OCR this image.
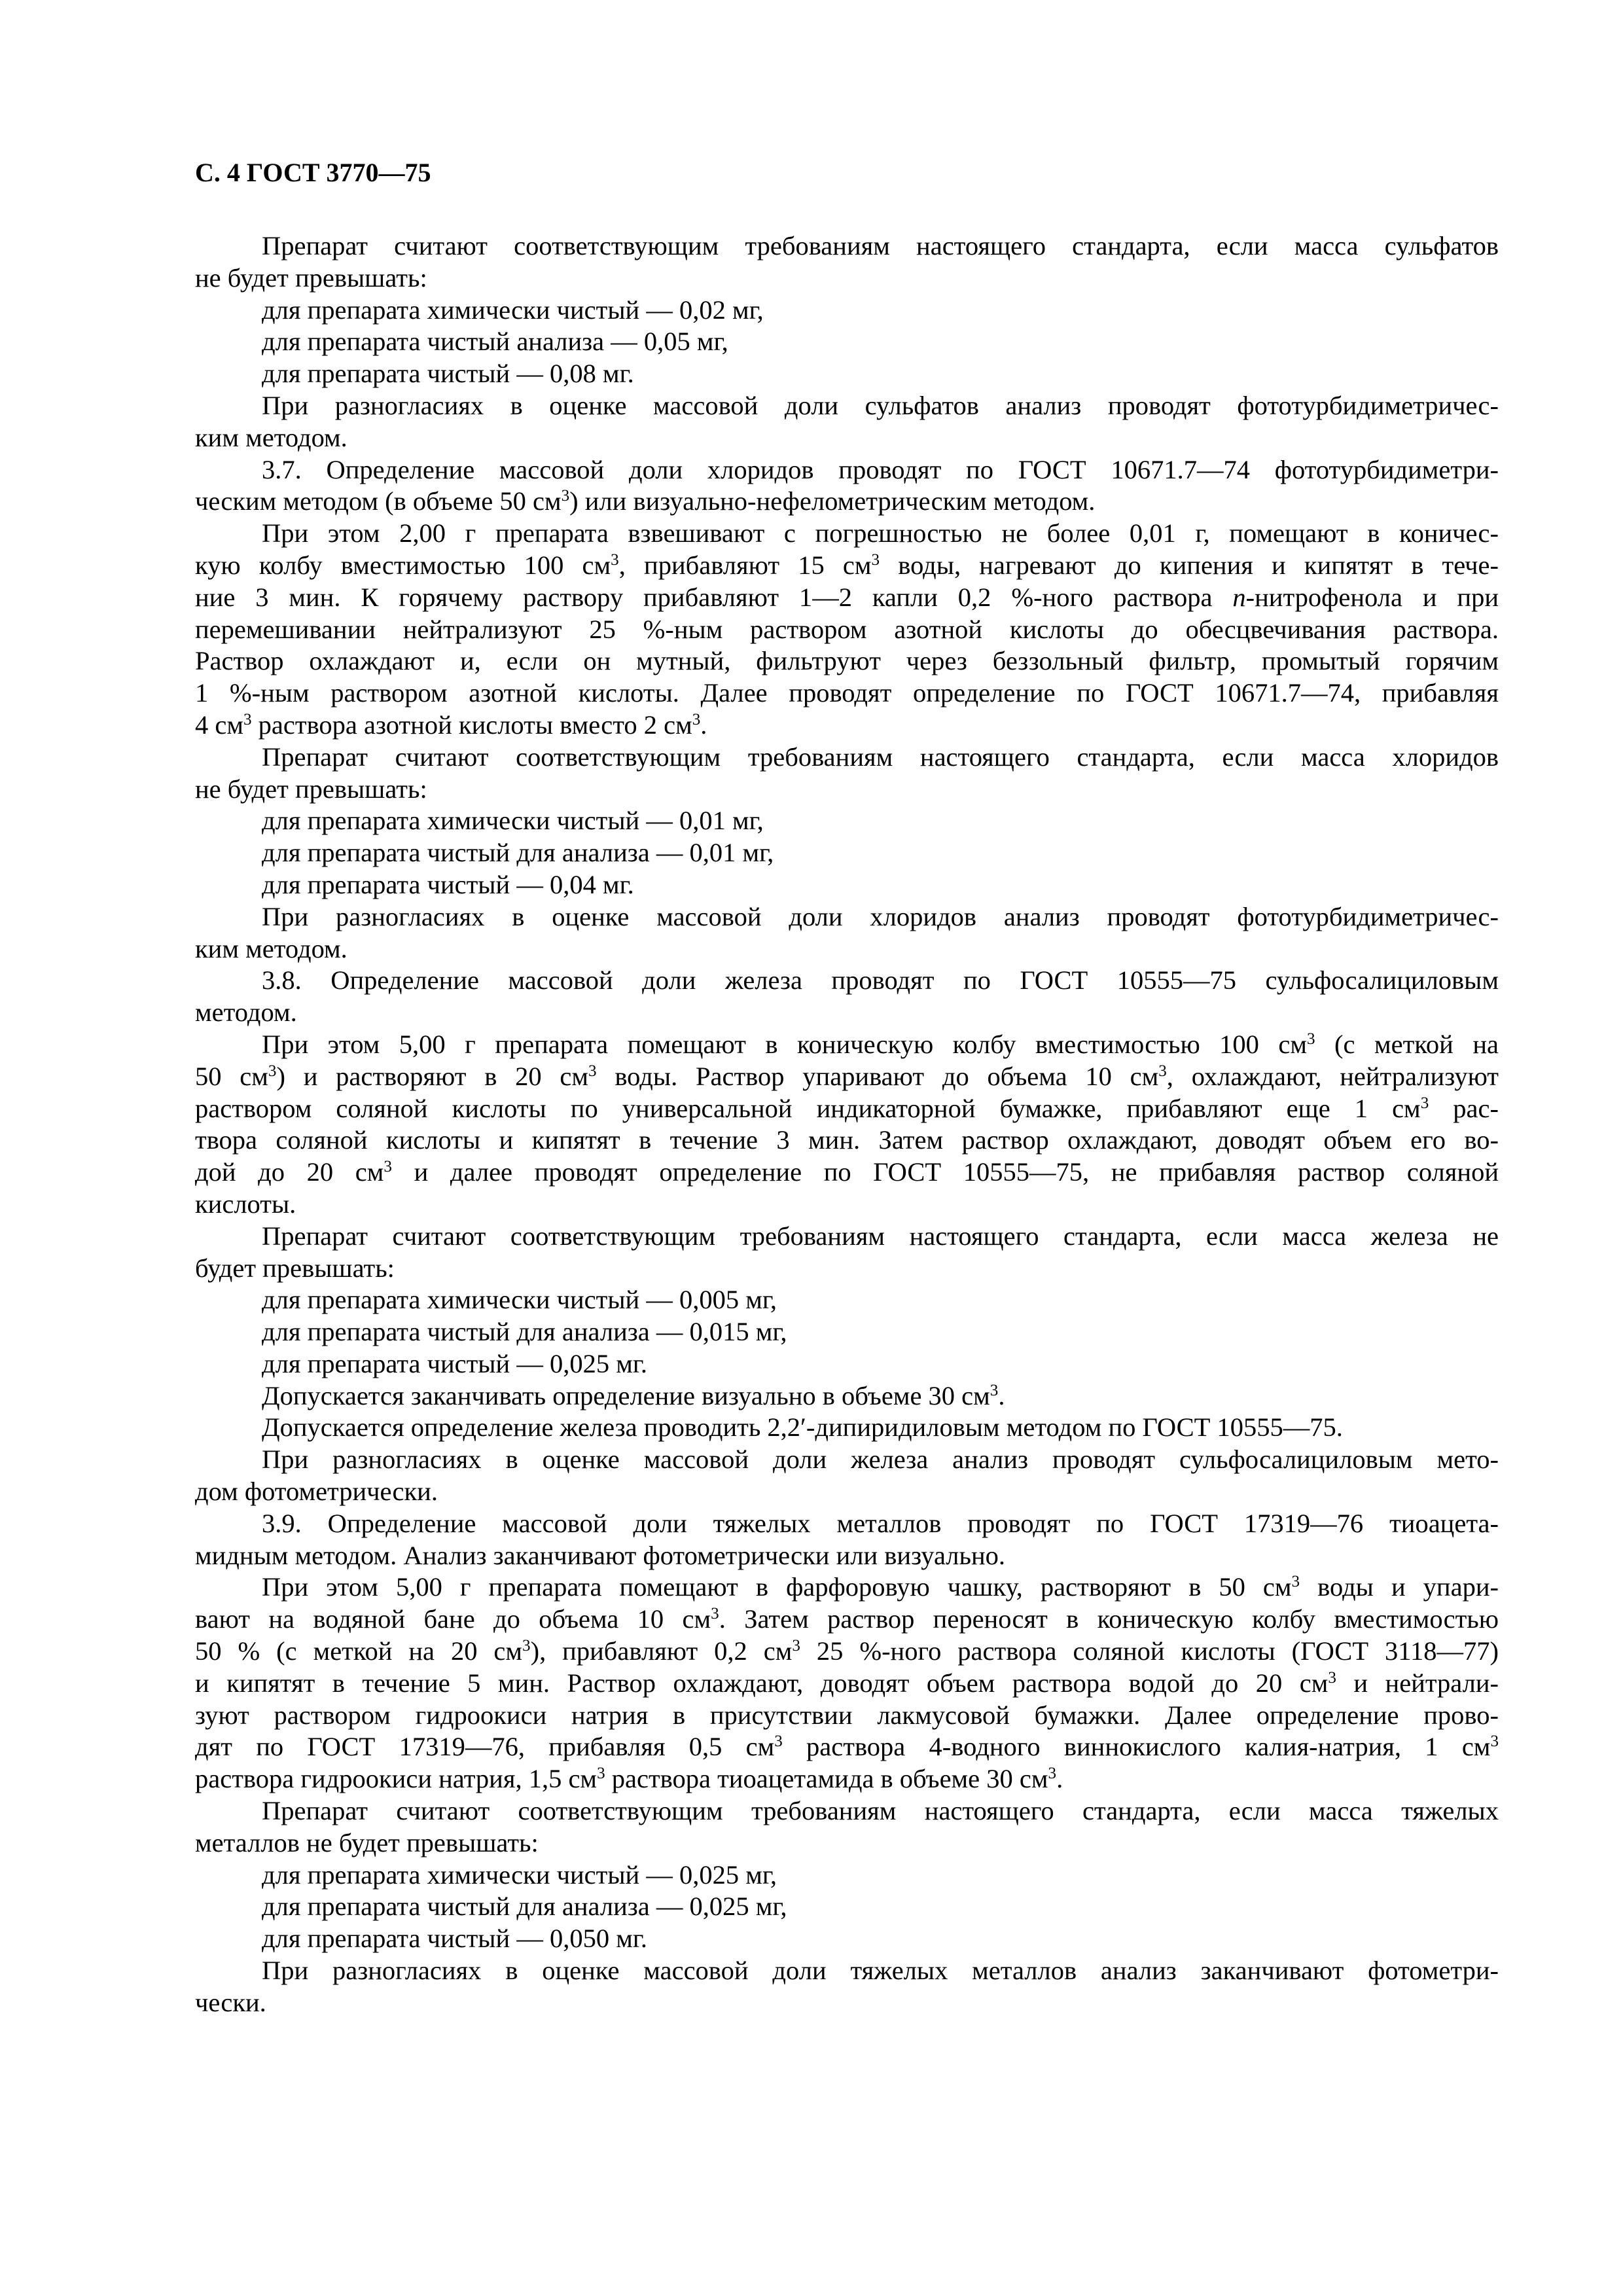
С. 4 ГОСТ 3770—75
Препарат считают соответствующим требованиям настоящего стандарта, если масса сульфатов
не будет превышать:
для препарата химически чистый — 0,02 мг,
для препарата чистый анализа — 0,05 мг,
для препарата чистый — 0,08 мг.
При разногласиях в оценке массовой доли сульфатов анализ проводят фототурбидиметричес-
ким методом.
3.7. Определение массовой доли хлоридов проводят по ГОСТ 10671.7—74 фототурбидиметри-
ческим методом (в объеме 50 $см^3$) или визуально-нефелометрическим методом.
При этом 2,00 г препарата взвешивают с погрешностью не более 0,01 г, помещают в коничес-
кую колбу вместимостью 100 $см^3$, прибавляют 15 $см^3$ воды, нагревают до кипения и кипятят в тече-
ние 3 мин. К горячему раствору прибавляют 1—2 капли 0,2 %-ного раствора п-нитрофенола и при
перемешивании нейтрализуют 25 %-ным раствором азотной кислоты до обесцвечивания раствора.
Раствор охлаждают и, если он мутный, фильтруют через беззольный фильтр, промытый горячим
1 %-ным раствором азотной кислоты. Далее проводят определение по ГОСТ 10671.7—74, прибавляя
4 $см^3$ раствора азотной кислоты вместо 2 $см^3$.
Препарат считают соответствующим требованиям настоящего стандарта, если масса хлоридов
не будет превышать:
для препарата химически чистый — 0,01 мг,
для препарата чистый для анализа — 0,01 мг,
для препарата чистый — 0,04 мг.
При разногласиях в оценке массовой доли хлоридов анализ проводят фототурбидиметричес-
ким методом.
3.8. Определение массовой доли железа проводят по ГОСТ 10555—75 сульфосалициловым
методом.
При этом 5,00 г препарата помещают в коническую колбу вместимостью 100 $см^3$ (с меткой на
50 $см^3$) и растворяют в 20 $см^3$ воды. Раствор упаривают до объема 10 $см^3$, охлаждают, нейтрализуют
раствором соляной кислоты по универсальной индикаторной бумажке, прибавляют еще 1 $см^3$ рас-
твора соляной кислоты и кипятят в течение 3 мин. Затем раствор охлаждают, доводят объем его во-
дой до 20 $см^3$ и далее проводят определение по ГОСТ 10555—75, не прибавляя раствор соляной
кислоты.
Препарат считают соответствующим требованиям настоящего стандарта, если масса железа не
будет превышать:
для препарата химически чистый — 0,005 мг,
для препарата чистый для анализа — 0,015 мг,
для препарата чистый — 0,025 мг.
Допускается заканчивать определение визуально в объеме 30 $см^3$.
Допускается определение железа проводить 2,2′-дипиридиловым методом по ГОСТ 10555—75.
При разногласиях в оценке массовой доли железа анализ проводят сульфосалициловым мето-
дом фотометрически.
3.9. Определение массовой доли тяжелых металлов проводят по ГОСТ 17319—76 тиоацета-
мидным методом. Анализ заканчивают фотометрически или визуально.
При этом 5,00 г препарата помещают в фарфоровую чашку, растворяют в 50 $см^3$ воды и упари-
вают на водяной бане до объема 10 $см^3$. Затем раствор переносят в коническую колбу вместимостью
50 % (с меткой на 20 $см^3$), прибавляют 0,2 $см^3$ 25 %-ного раствора соляной кислоты (ГОСТ 3118—77)
и кипятят в течение 5 мин. Раствор охлаждают, доводят объем раствора водой до 20 $см^3$ и нейтрали-
зуют раствором гидроокиси натрия в присутствии лакмусовой бумажки. Далее определение прово-
дят по ГОСТ 17319—76, прибавляя 0,5 $см^3$ раствора 4-водного виннокислого калия-натрия, 1 $см^3$
раствора гидроокиси натрия, 1,5 $см^3$ раствора тиоацетамида в объеме 30 $см^3$.
Препарат считают соответствующим требованиям настоящего стандарта, если масса тяжелых
металлов не будет превышать:
для препарата химически чистый — 0,025 мг,
для препарата чистый для анализа — 0,025 мг,
для препарата чистый — 0,050 мг.
При разногласиях в оценке массовой доли тяжелых металлов анализ заканчивают фотометри-
чески.
